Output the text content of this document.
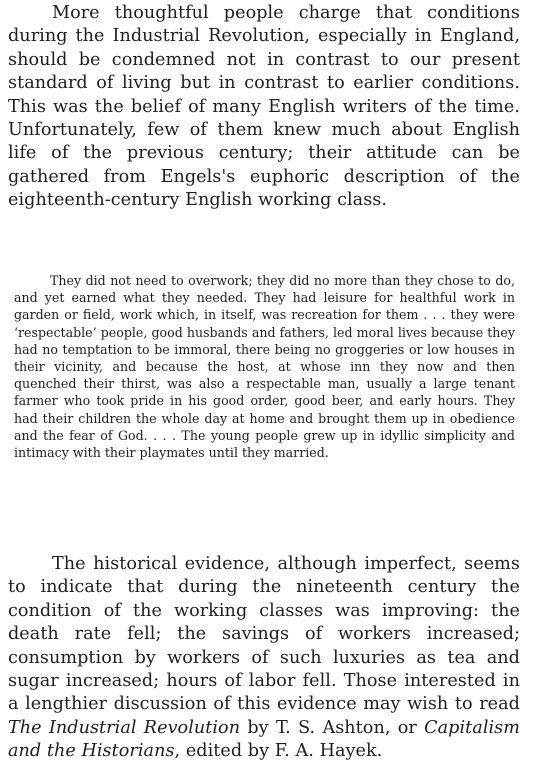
More thoughtful people charge that conditions during the Industrial Revolution, especially in England, should be condemned not in contrast to our present standard of living but in contrast to earlier conditions. This was the belief of many English writers of the time. Unfortunately, few of them knew much about English life of the previous century; their attitude can be gathered from Engels's euphoric description of the eighteenth-century English working class.

They did not need to overwork; they did no more than they chose to do, and yet earned what they needed. They had leisure for healthful work in garden or field, work which, in itself, was recreation for them . . . they were ‘respectable’ people, good husbands and fathers, led moral lives because they had no temptation to be immoral, there being no groggeries or low houses in their vicinity, and because the host, at whose inn they now and then quenched their thirst, was also a respectable man, usually a large tenant farmer who took pride in his good order, good beer, and early hours. They had their children the whole day at home and brought them up in obedience and the fear of God. . . . The young people grew up in idyllic simplicity and intimacy with their playmates until they married.

The historical evidence, although imperfect, seems to indicate that during the nineteenth century the condition of the working classes was improving: the death rate fell; the savings of workers increased; consumption by workers of such luxuries as tea and sugar increased; hours of labor fell. Those interested in a lengthier discussion of this evidence may wish to read The Industrial Revolution by T. S. Ashton, or Capitalism and the Historians, edited by F. A. Hayek.
